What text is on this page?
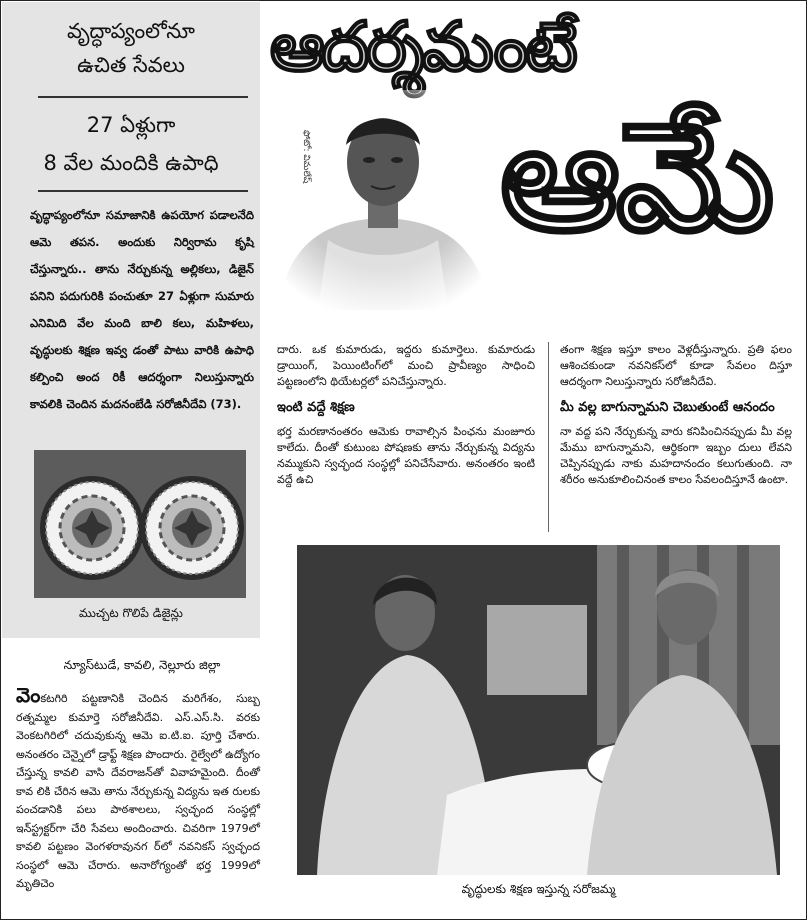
వృద్ధాప్యంలోనూ
ఉచిత సేవలు
27 ఏళ్లుగా
8 వేల మందికి ఉపాధి
వృద్ధాప్యంలోనూ సమాజానికి ఉపయోగ పడాలనేది ఆమె తపన. అందుకు నిర్విరామ కృషి చేస్తున్నారు.. తాను నేర్చుకున్న అల్లికలు, డిజైన్ పనిని పదుగురికి పంచుతూ 27 ఏళ్లుగా సుమారు ఎనిమిది వేల మంది బాలి కలు, మహిళలు, వృద్ధులకు శిక్షణ ఇవ్వ డంతో పాటు వారికి ఉపాధి కల్పించి అంద రికీ ఆదర్శంగా నిలుస్తున్నారు కావలికి చెందిన మదనంబేడి సరోజినీదేవి (73).
ముచ్చట గొలిపే డిజైన్లు
ఆదర్శమంటే
ఫోటో: విమలేష్ ఆమే

దారు. ఒక కుమారుడు, ఇద్దరు కుమార్తెలు. కుమారుడు డ్రాయింగ్, పెయింటింగ్‌లో మంచి ప్రావీణ్యం సాధించి పట్టణంలోని థియేటర్లలో పనిచేస్తున్నారు.

ఇంటి వద్దే శిక్షణ

భర్త మరణానంతరం ఆమెకు రావాల్సిన పింఛను మంజూరు కాలేదు. దీంతో కుటుంబ పోషణకు తాను నేర్చుకున్న విద్యను నమ్ముకుని స్వచ్ఛంద సంస్థల్లో పనిచేసేవారు. అనంతరం ఇంటి వద్దే ఉచి

తంగా శిక్షణ ఇస్తూ కాలం వెళ్లదీస్తున్నారు. ప్రతి ఫలం ఆశించకుండా నవనికస్‌లో కూడా సేవలం దిస్తూ ఆదర్శంగా నిలుస్తున్నారు సరోజినీదేవి.

మీ వల్ల బాగున్నామని చెబుతుంటే ఆనందం

నా వద్ద పని నేర్చుకున్న వారు కనిపించినప్పుడు మీ వల్ల మేము బాగున్నామని, ఆర్థికంగా ఇబ్బం దులు లేవని చెప్పినప్పుడు నాకు మహదానందం కలుగుతుంది. నా శరీరం అనుకూలించినంత కాలం సేవలందిస్తూనే ఉంటా.

న్యూస్‌టుడే, కావలి, నెల్లూరు జిల్లా
వెంకటగిరి పట్టణానికి చెందిన మరిగేశం, సుబ్బ రత్నమ్మల కుమార్తె సరోజినీదేవి. ఎస్.ఎస్.సి. వరకు వెంకటగిరిలో చదువుకున్న ఆమె ఐ.టి.ఐ. పూర్తి చేశారు. అనంతరం చెన్నైలో డ్రాఫ్ట్ శిక్షణ పొందారు. రైల్వేలో ఉద్యోగం చేస్తున్న కావలి వాసి దేవరాజన్‌తో వివాహమైంది. దీంతో కావ లికి చేరిన ఆమె తాను నేర్చుకున్న విద్యను ఇత రులకు పంచడానికి పలు పాఠశాలలు, స్వచ్ఛంద సంస్థల్లో ఇన్‌స్ట్రక్టర్‌గా చేరి సేవలు అందించారు. చివరిగా 1979లో కావలి పట్టణం వెంగళరావునగ ర్‌లో నవనికస్ స్వచ్ఛంద సంస్థలో ఆమె చేరారు. అనారోగ్యంతో భర్త 1999లో మృతిచెం	వృద్ధులకు శిక్షణ ఇస్తున్న సరోజమ్మ
